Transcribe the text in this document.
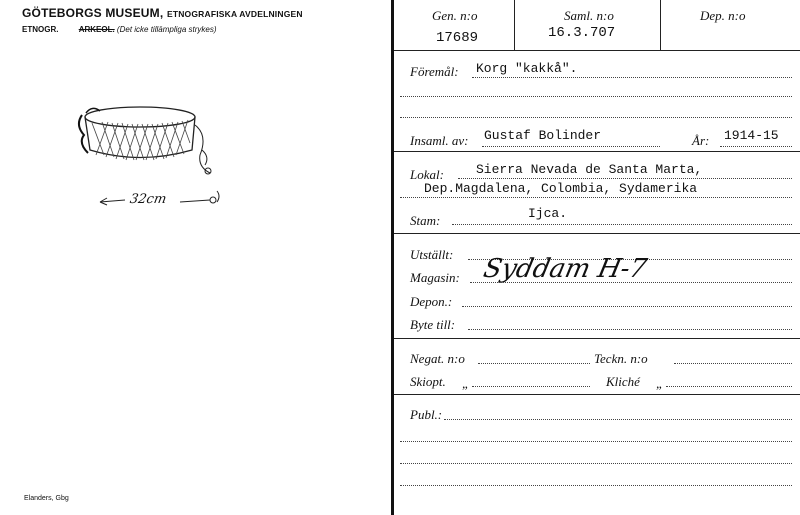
GÖTEBORGS MUSEUM, ETNOGRAFISKA AVDELNINGEN
ETNOGR.	ARKEOL. (Det icke tillämpliga strykes)
32cm
Elanders, Gbg
Gen. n:o
17689
Saml. n:o
16.3.707
Dep. n:o
Föremål: Korg "kakkå".
Insaml. av: Gustaf Bolinder	År: 1914-15
Lokal: Sierra Nevada de Santa Marta,
Dep.Magdalena, Colombia, Sydamerika
Stam:	Ijca.
Utställt:
Magasin: Syddam H-7
Depon.:
Byte till:
Negat. n:o	Teckn. n:o
Skiopt. „	Kliché „
Publ.:
